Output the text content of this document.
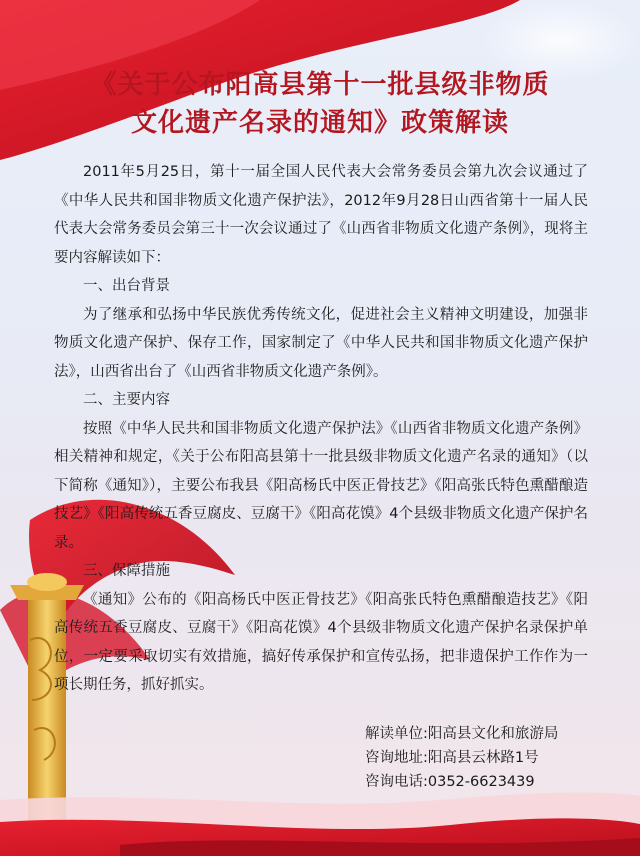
《关于公布阳高县第十一批县级非物质
文化遗产名录的通知》政策解读

2011年5月25日，第十一届全国人民代表大会常务委员会第九次会议通过了《中华人民共和国非物质文化遗产保护法》，2012年9月28日山西省第十一届人民代表大会常务委员会第三十一次会议通过了《山西省非物质文化遗产条例》，现将主要内容解读如下：

一、出台背景

为了继承和弘扬中华民族优秀传统文化，促进社会主义精神文明建设，加强非物质文化遗产保护、保存工作，国家制定了《中华人民共和国非物质文化遗产保护法》，山西省出台了《山西省非物质文化遗产条例》。

二、主要内容

按照《中华人民共和国非物质文化遗产保护法》《山西省非物质文化遗产条例》相关精神和规定，《关于公布阳高县第十一批县级非物质文化遗产名录的通知》（以下简称《通知》），主要公布我县《阳高杨氏中医正骨技艺》《阳高张氏特色熏醋酿造技艺》《阳高传统五香豆腐皮、豆腐干》《阳高花馍》4个县级非物质文化遗产保护名录。

三、保障措施

《通知》公布的《阳高杨氏中医正骨技艺》《阳高张氏特色熏醋酿造技艺》《阳高传统五香豆腐皮、豆腐干》《阳高花馍》4个县级非物质文化遗产保护名录保护单位，一定要采取切实有效措施，搞好传承保护和宣传弘扬，把非遗保护工作作为一项长期任务，抓好抓实。

解读单位:阳高县文化和旅游局
咨询地址:阳高县云林路1号
咨询电话:0352-6623439
